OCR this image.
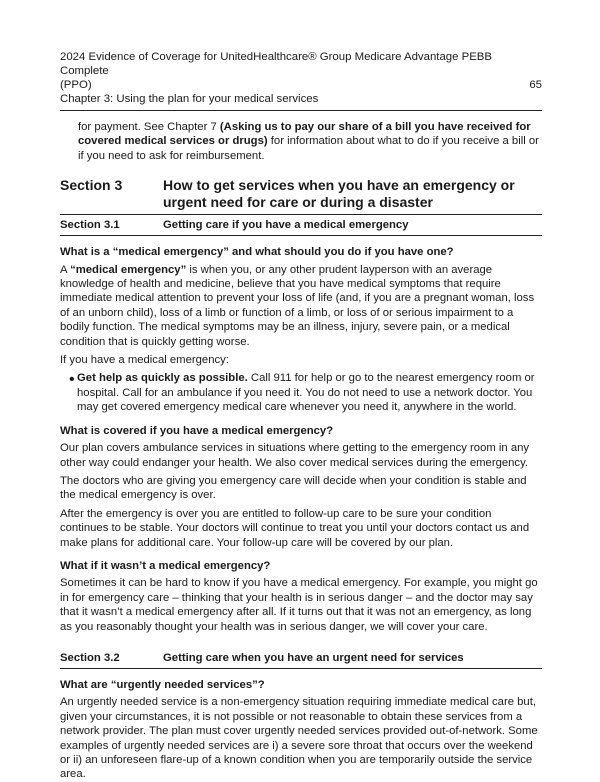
2024 Evidence of Coverage for UnitedHealthcare® Group Medicare Advantage PEBB Complete
(PPO)
Chapter 3: Using the plan for your medical services
65

for payment. See Chapter 7 (Asking us to pay our share of a bill you have received for covered medical services or drugs) for information about what to do if you receive a bill or if you need to ask for reimbursement.

Section 3	How to get services when you have an emergency or urgent need for care or during a disaster
Section 3.1	Getting care if you have a medical emergency

What is a “medical emergency” and what should you do if you have one?

A “medical emergency” is when you, or any other prudent layperson with an average knowledge of health and medicine, believe that you have medical symptoms that require immediate medical attention to prevent your loss of life (and, if you are a pregnant woman, loss of an unborn child), loss of a limb or function of a limb, or loss of or serious impairment to a bodily function. The medical symptoms may be an illness, injury, severe pain, or a medical condition that is quickly getting worse.

If you have a medical emergency:

• Get help as quickly as possible. Call 911 for help or go to the nearest emergency room or hospital. Call for an ambulance if you need it. You do not need to use a network doctor. You may get covered emergency medical care whenever you need it, anywhere in the world.

What is covered if you have a medical emergency?

Our plan covers ambulance services in situations where getting to the emergency room in any other way could endanger your health. We also cover medical services during the emergency.

The doctors who are giving you emergency care will decide when your condition is stable and the medical emergency is over.

After the emergency is over you are entitled to follow-up care to be sure your condition continues to be stable. Your doctors will continue to treat you until your doctors contact us and make plans for additional care. Your follow-up care will be covered by our plan.

What if it wasn’t a medical emergency?

Sometimes it can be hard to know if you have a medical emergency. For example, you might go in for emergency care – thinking that your health is in serious danger – and the doctor may say that it wasn’t a medical emergency after all. If it turns out that it was not an emergency, as long as you reasonably thought your health was in serious danger, we will cover your care.

Section 3.2	Getting care when you have an urgent need for services

What are “urgently needed services”?

An urgently needed service is a non-emergency situation requiring immediate medical care but, given your circumstances, it is not possible or not reasonable to obtain these services from a network provider. The plan must cover urgently needed services provided out-of-network. Some examples of urgently needed services are i) a severe sore throat that occurs over the weekend or ii) an unforeseen flare-up of a known condition when you are temporarily outside the service area.
